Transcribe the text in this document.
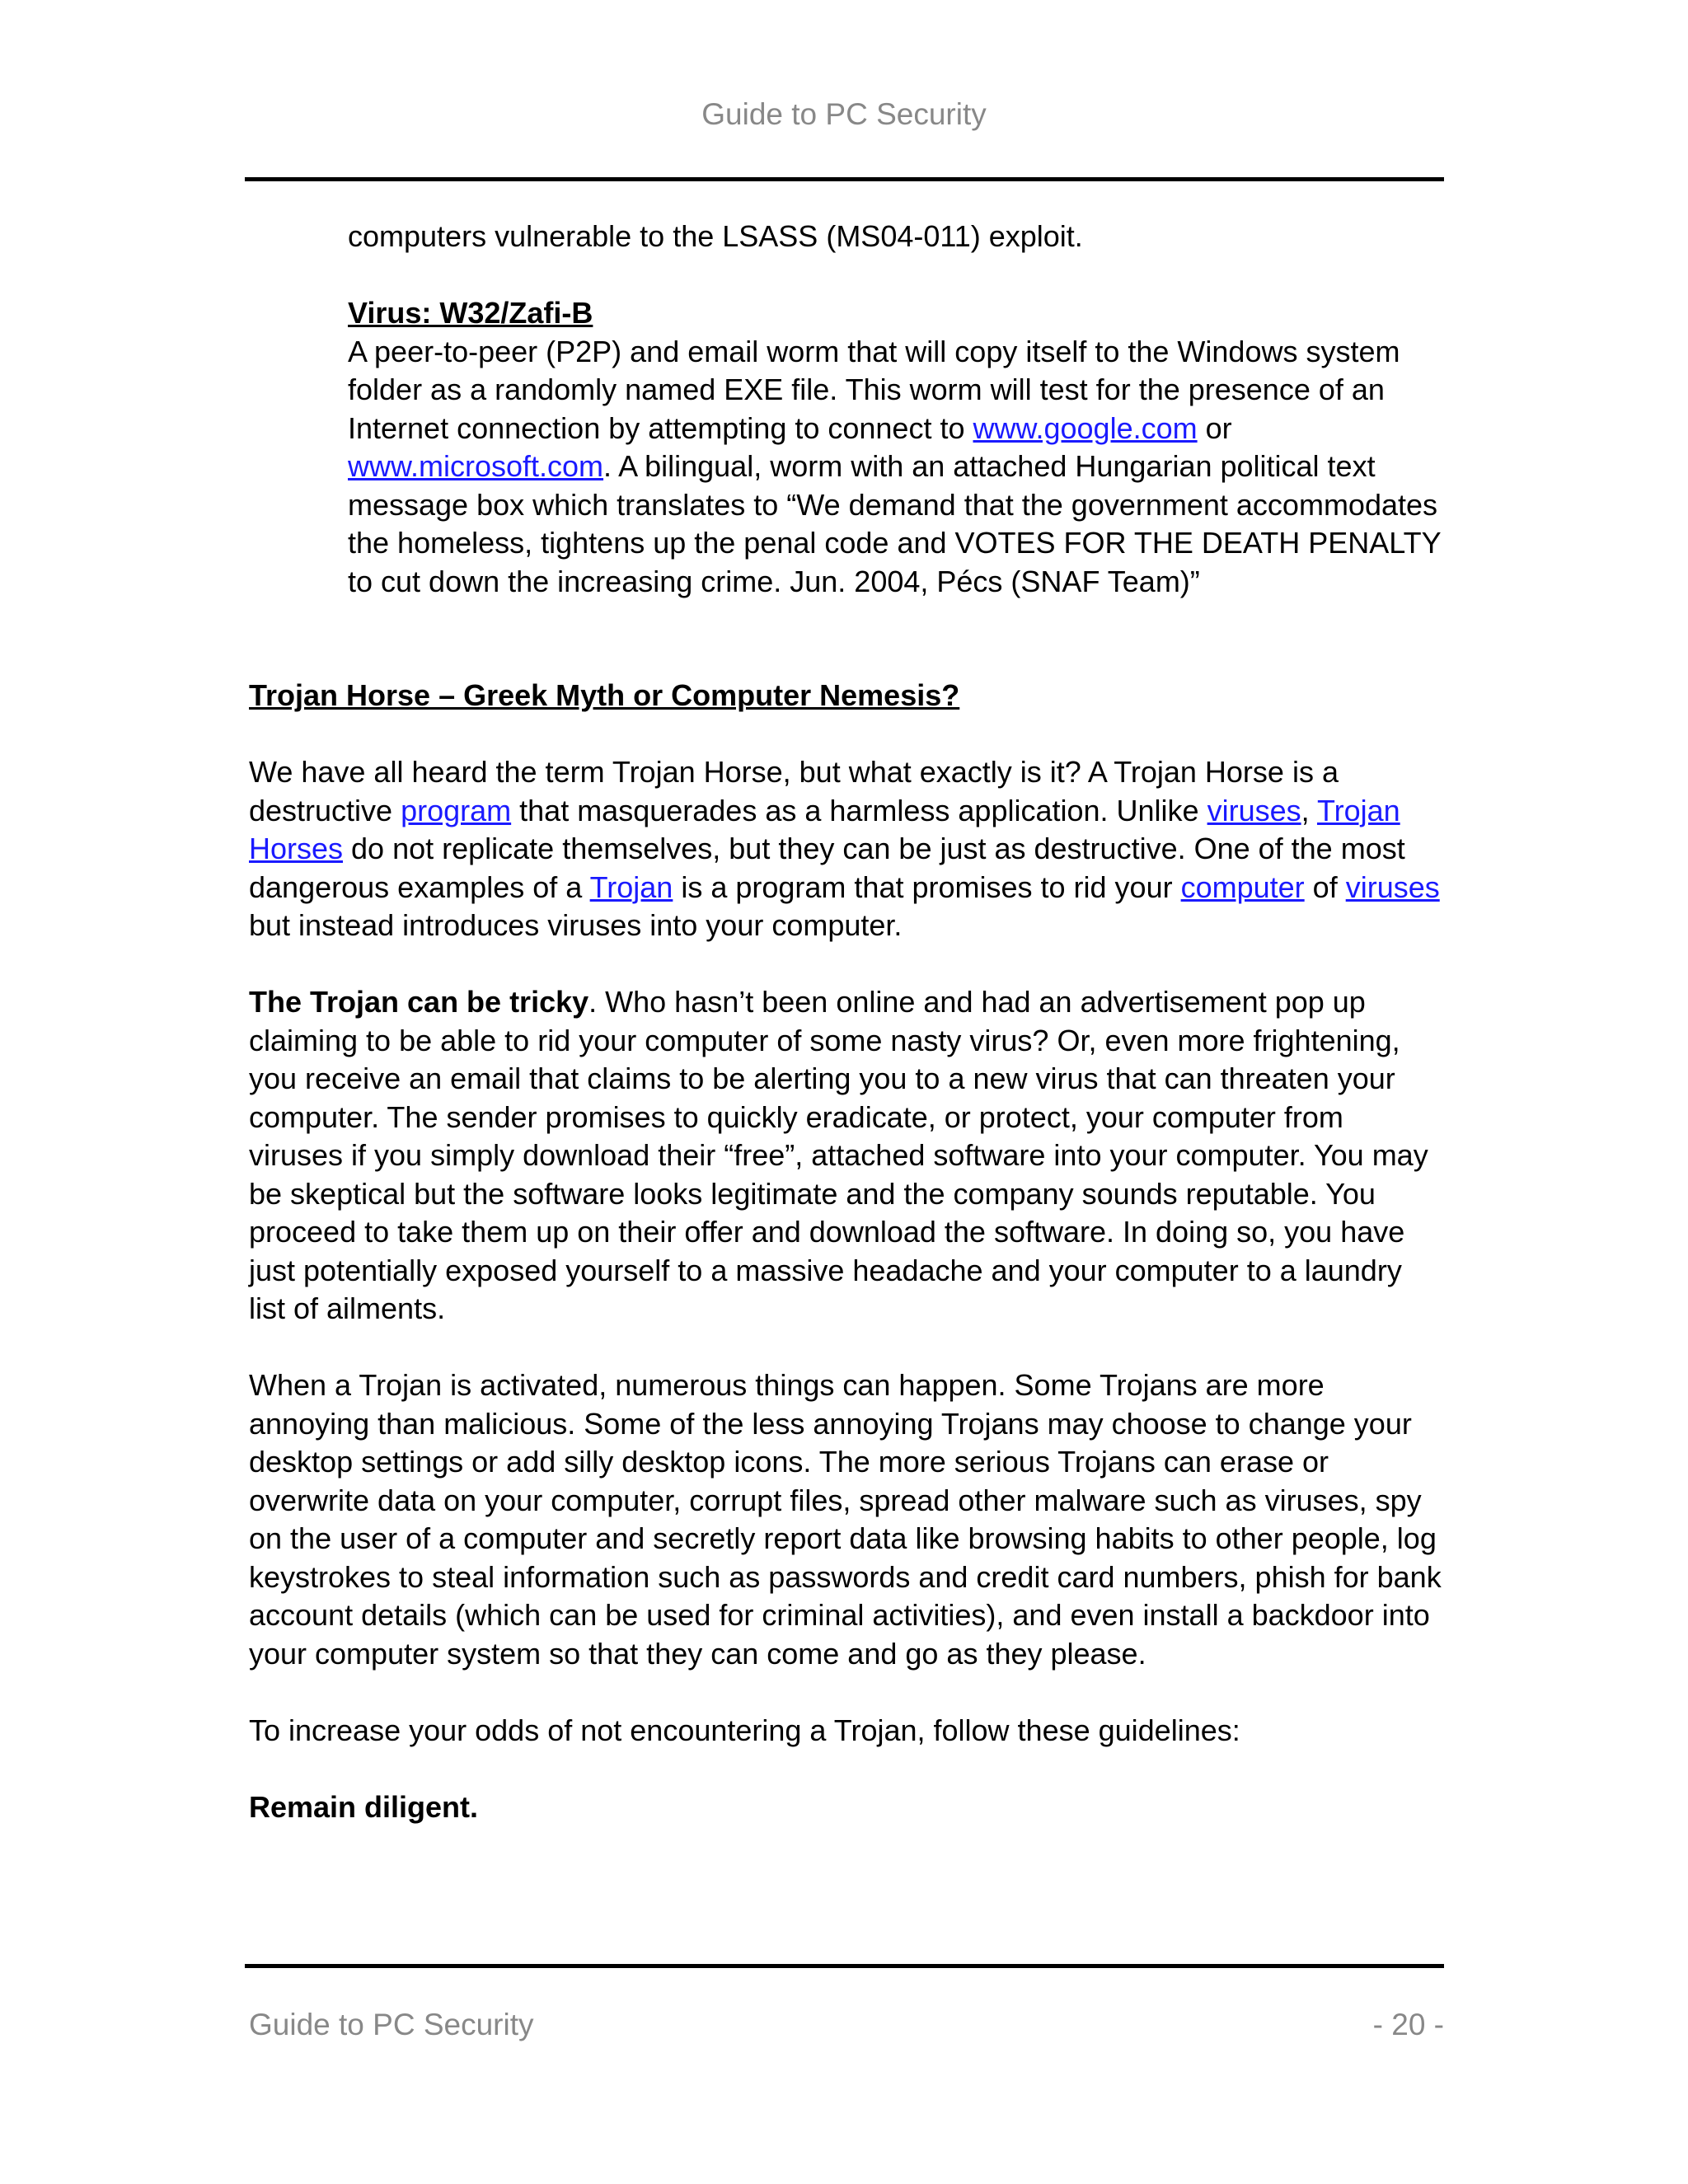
Guide to PC Security

computers vulnerable to the LSASS (MS04-011) exploit.

Virus: W32/Zafi-B
A peer-to-peer (P2P) and email worm that will copy itself to the Windows system folder as a randomly named EXE file. This worm will test for the presence of an Internet connection by attempting to connect to www.google.com or www.microsoft.com. A bilingual, worm with an attached Hungarian political text message box which translates to “We demand that the government accommodates the homeless, tightens up the penal code and VOTES FOR THE DEATH PENALTY to cut down the increasing crime. Jun. 2004, Pécs (SNAF Team)”

Trojan Horse – Greek Myth or Computer Nemesis?

We have all heard the term Trojan Horse, but what exactly is it? A Trojan Horse is a destructive program that masquerades as a harmless application. Unlike viruses, Trojan Horses do not replicate themselves, but they can be just as destructive. One of the most dangerous examples of a Trojan is a program that promises to rid your computer of viruses but instead introduces viruses into your computer.

The Trojan can be tricky. Who hasn’t been online and had an advertisement pop up claiming to be able to rid your computer of some nasty virus? Or, even more frightening, you receive an email that claims to be alerting you to a new virus that can threaten your computer. The sender promises to quickly eradicate, or protect, your computer from viruses if you simply download their “free”, attached software into your computer. You may be skeptical but the software looks legitimate and the company sounds reputable. You proceed to take them up on their offer and download the software. In doing so, you have just potentially exposed yourself to a massive headache and your computer to a laundry list of ailments.

When a Trojan is activated, numerous things can happen. Some Trojans are more annoying than malicious. Some of the less annoying Trojans may choose to change your desktop settings or add silly desktop icons. The more serious Trojans can erase or overwrite data on your computer, corrupt files, spread other malware such as viruses, spy on the user of a computer and secretly report data like browsing habits to other people, log keystrokes to steal information such as passwords and credit card numbers, phish for bank account details (which can be used for criminal activities), and even install a backdoor into your computer system so that they can come and go as they please.

To increase your odds of not encountering a Trojan, follow these guidelines:

Remain diligent.

Guide to PC Security	- 20 -
